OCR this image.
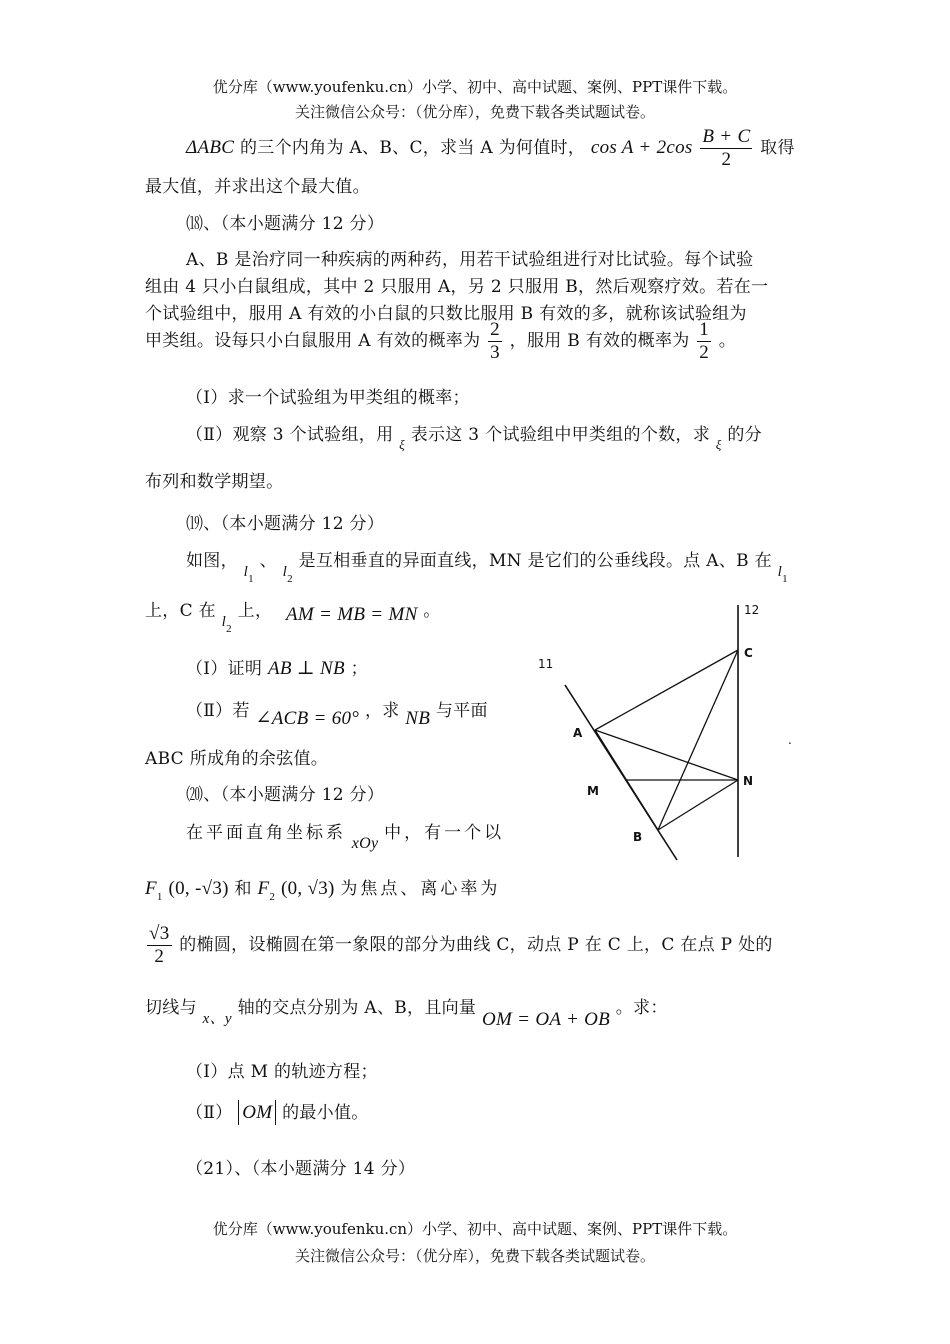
优分库（www.youfenku.cn）小学、初中、高中试题、案例、PPT课件下载。
关注微信公众号：（优分库），免费下载各类试题试卷。
ΔABC 的三个内角为 A、B、C，求当 A 为何值时， $\cos A + 2\cos \frac{B + C}{2}$ 取得
最大值，并求出这个最大值。
⒅、（本小题满分 12 分）
A、B 是治疗同一种疾病的两种药，用若干试验组进行对比试验。每个试验
组由 4 只小白鼠组成，其中 2 只服用 A，另 2 只服用 B，然后观察疗效。若在一
个试验组中，服用 A 有效的小白鼠的只数比服用 B 有效的多，就称该试验组为
甲类组。设每只小白鼠服用 A 有效的概率为 $\frac{2}{3}$ ，服用 B 有效的概率为 $\frac{1}{2}$ 。
（Ⅰ）求一个试验组为甲类组的概率；
（Ⅱ）观察 3 个试验组，用 $_\xi$ 表示这 3 个试验组中甲类组的个数，求 $_\xi$ 的分
布列和数学期望。
⒆、（本小题满分 12 分）
如图， $l_1$ 、 $l_2$ 是互相垂直的异面直线，MN 是它们的公垂线段。点 A、B 在 $l_1$
上，C 在 $l_2$ 上， AM = MB = MN 。
（Ⅰ）证明 AB ⊥ NB ；
（Ⅱ）若 ∠ACB = 60° ，求 NB 与平面
ABC 所成角的余弦值。
12
11
C
A
M
N
B
.
⒇、（本小题满分 12 分）
在平面直角坐标系 xOy 中，有一个以
$F_1$ (0, -√3) 和 $F_2$ (0, √3) 为焦点、离心率为
$\frac{√3}{2}$ 的椭圆，设椭圆在第一象限的部分为曲线 C，动点 P 在 C 上，C 在点 P 处的
切线与 x、y 轴的交点分别为 A、B，且向量 OM = OA + OB 。求：
（Ⅰ）点 M 的轨迹方程；
（Ⅱ） OM 的最小值。
（21）、（本小题满分 14 分）
优分库（www.youfenku.cn）小学、初中、高中试题、案例、PPT课件下载。
关注微信公众号：（优分库），免费下载各类试题试卷。
